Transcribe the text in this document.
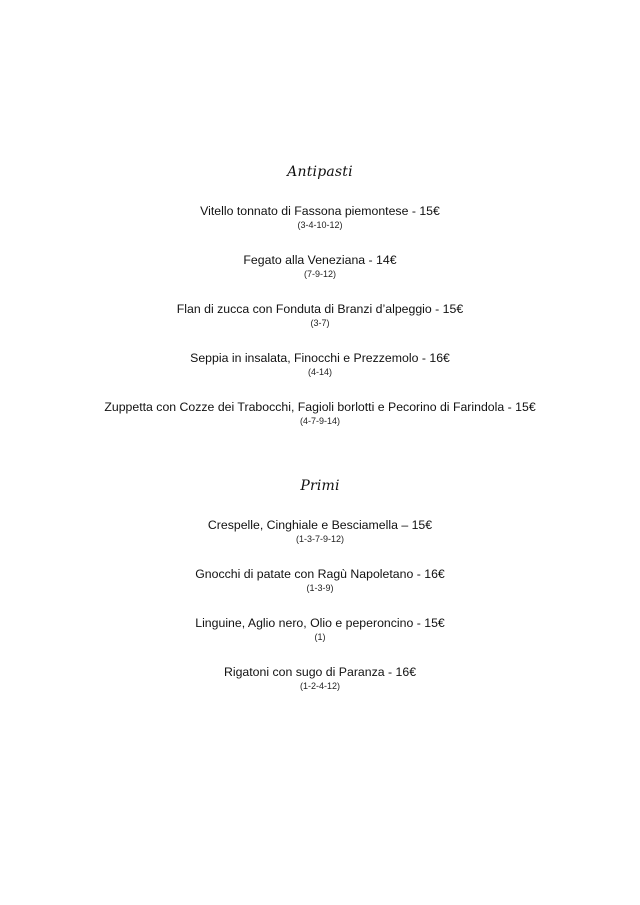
Antipasti
Vitello tonnato di Fassona piemontese - 15€
(3-4-10-12)
Fegato alla Veneziana - 14€
(7-9-12)
Flan di zucca con Fonduta di Branzi d’alpeggio - 15€
(3-7)
Seppia in insalata, Finocchi e Prezzemolo - 16€
(4-14)
Zuppetta con Cozze dei Trabocchi, Fagioli borlotti e Pecorino di Farindola - 15€
(4-7-9-14)
Primi
Crespelle, Cinghiale e Besciamella – 15€
(1-3-7-9-12)
Gnocchi di patate con Ragù Napoletano - 16€
(1-3-9)
Linguine, Aglio nero, Olio e peperoncino - 15€
(1)
Rigatoni con sugo di Paranza - 16€
(1-2-4-12)
